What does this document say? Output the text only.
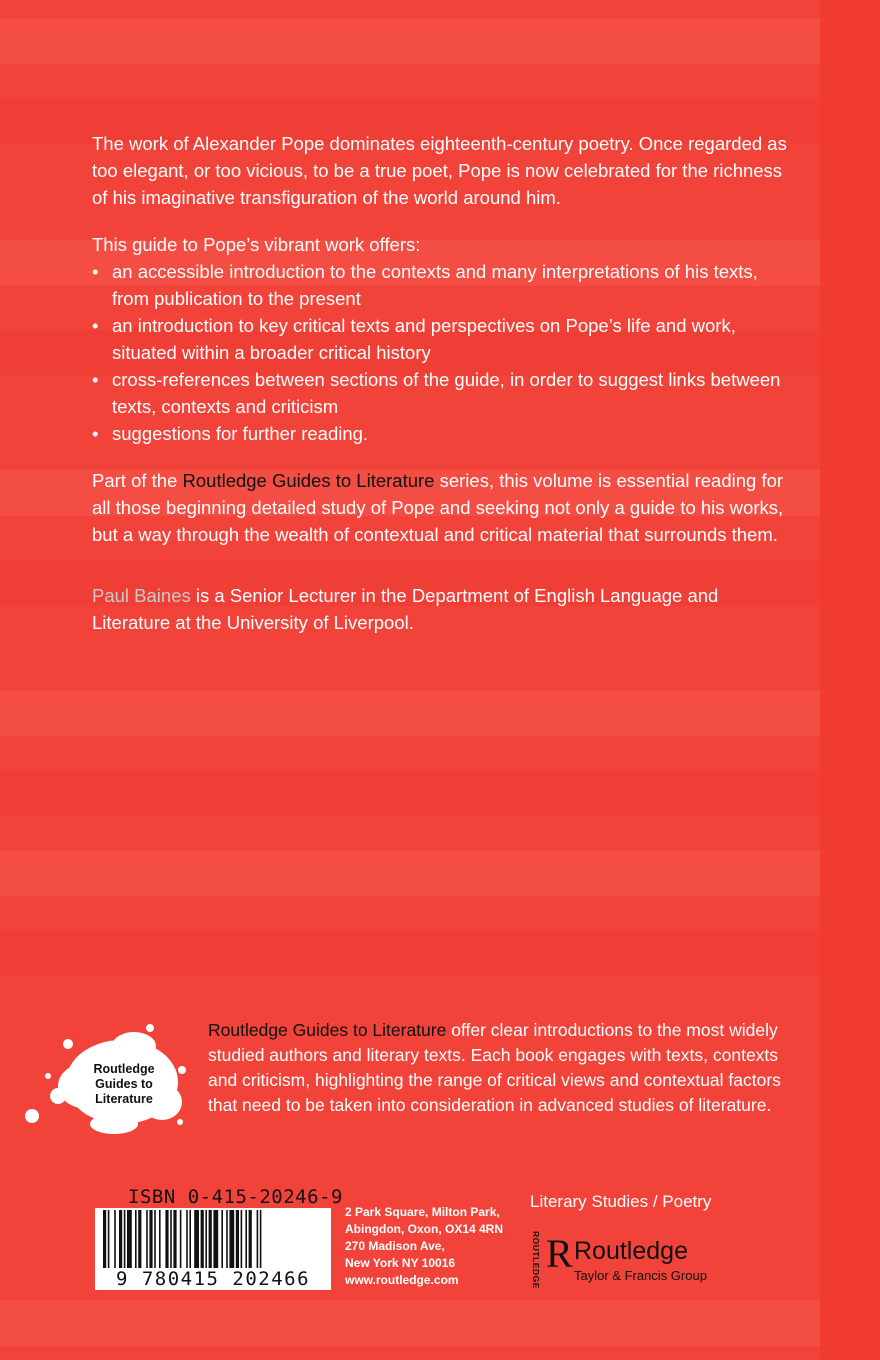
The work of Alexander Pope dominates eighteenth-century poetry. Once regarded as too elegant, or too vicious, to be a true poet, Pope is now celebrated for the richness of his imaginative transfiguration of the world around him.

This guide to Pope’s vibrant work offers:

• an accessible introduction to the contexts and many interpretations of his texts, from publication to the present
• an introduction to key critical texts and perspectives on Pope’s life and work, situated within a broader critical history
• cross-references between sections of the guide, in order to suggest links between texts, contexts and criticism
• suggestions for further reading.

Part of the Routledge Guides to Literature series, this volume is essential reading for all those beginning detailed study of Pope and seeking not only a guide to his works, but a way through the wealth of contextual and critical material that surrounds them.

Paul Baines is a Senior Lecturer in the Department of English Language and Literature at the University of Liverpool.

Routledge
Guides to
Literature
Routledge Guides to Literature offer clear introductions to the most widely studied authors and literary texts. Each book engages with texts, contexts and criticism, highlighting the range of critical views and contextual factors that need to be taken into consideration in advanced studies of literature.
ISBN 0-415-20246-9
9 780415 202466
2 Park Square, Milton Park,
Abingdon, Oxon, OX14 4RN
270 Madison Ave,
New York NY 10016
www.routledge.com
Literary Studies / Poetry
ROUTLEDGE R Routledge
Taylor & Francis Group
